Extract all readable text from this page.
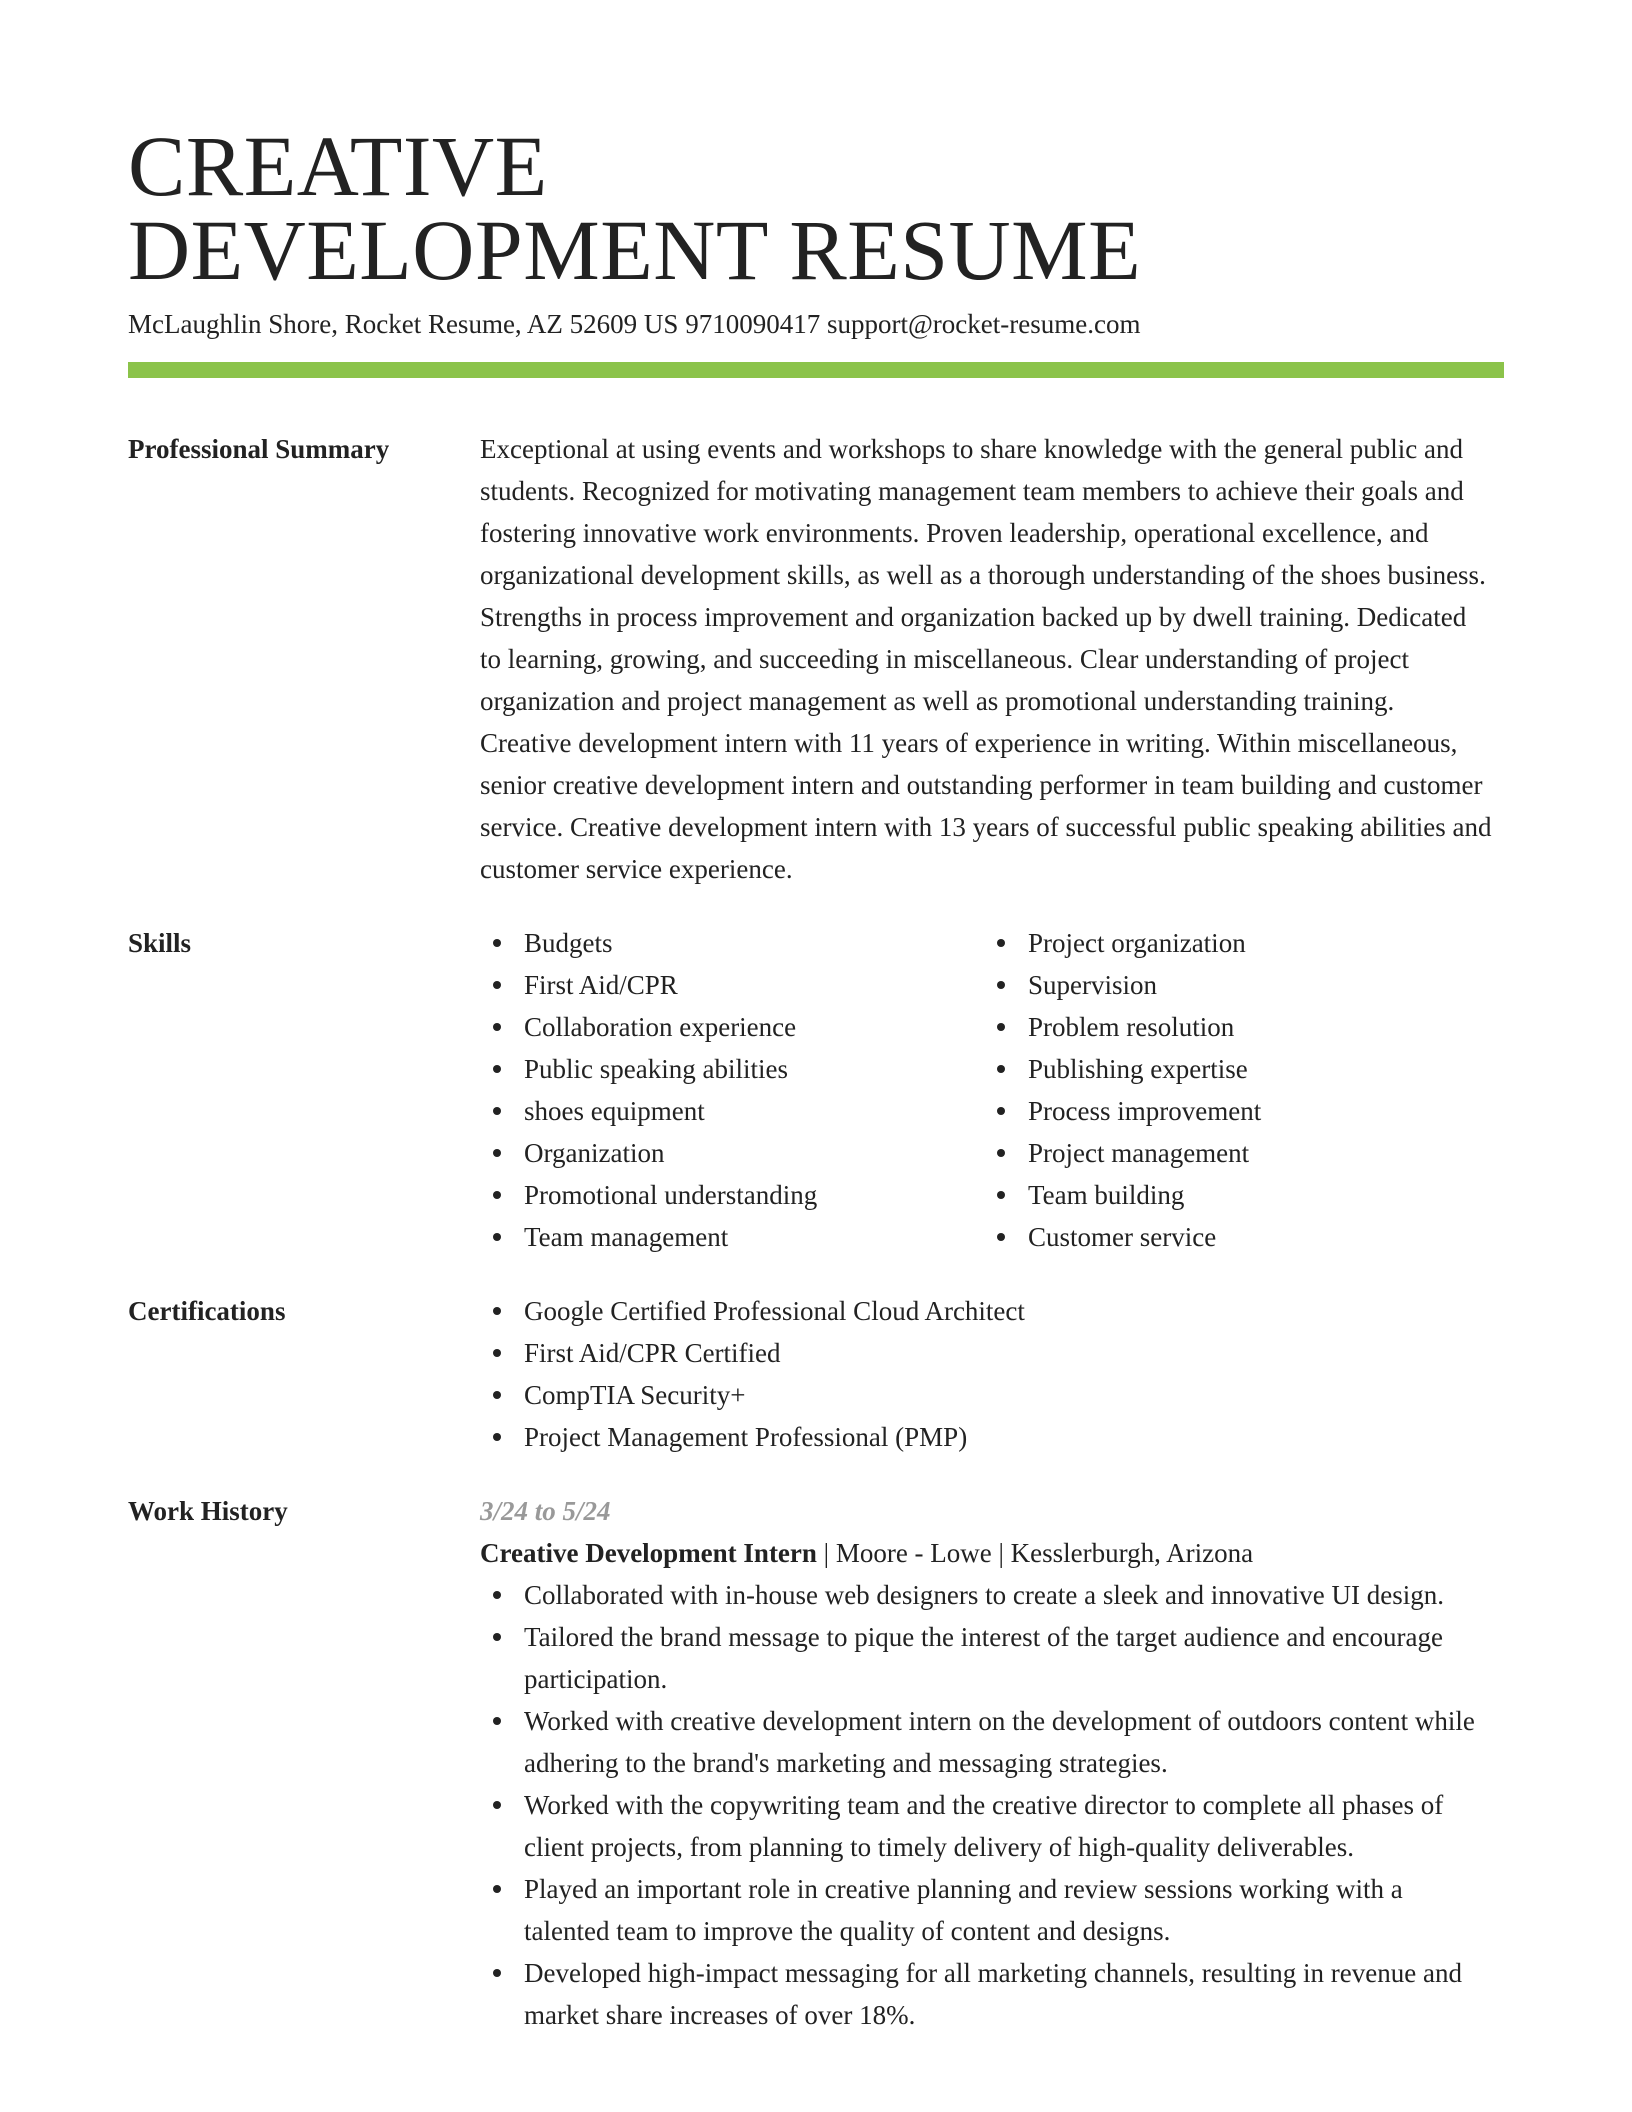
CREATIVE
DEVELOPMENT RESUME
McLaughlin Shore, Rocket Resume, AZ 52609 US 9710090417 support@rocket-resume.com
Professional Summary	Exceptional at using events and workshops to share knowledge with the general public and students. Recognized for motivating management team members to achieve their goals and fostering innovative work environments. Proven leadership, operational excellence, and organizational development skills, as well as a thorough understanding of the shoes business. Strengths in process improvement and organization backed up by dwell training. Dedicated to learning, growing, and succeeding in miscellaneous. Clear understanding of project organization and project management as well as promotional understanding training. Creative development intern with 11 years of experience in writing. Within miscellaneous, senior creative development intern and outstanding performer in team building and customer service. Creative development intern with 13 years of successful public speaking abilities and customer service experience.
Skills	Budgets
First Aid/CPR
Collaboration experience
Public speaking abilities
shoes equipment
Organization
Promotional understanding
Team management
Project organization
Supervision
Problem resolution
Publishing expertise
Process improvement
Project management
Team building
Customer service
Certifications	Google Certified Professional Cloud Architect
First Aid/CPR Certified
CompTIA Security+
Project Management Professional (PMP)
Work History	3/24 to 5/24
Creative Development Intern | Moore - Lowe | Kesslerburgh, Arizona
Collaborated with in-house web designers to create a sleek and innovative UI design.
Tailored the brand message to pique the interest of the target audience and encourage participation.
Worked with creative development intern on the development of outdoors content while adhering to the brand's marketing and messaging strategies.
Worked with the copywriting team and the creative director to complete all phases of client projects, from planning to timely delivery of high-quality deliverables.
Played an important role in creative planning and review sessions working with a talented team to improve the quality of content and designs.
Developed high-impact messaging for all marketing channels, resulting in revenue and market share increases of over 18%.
